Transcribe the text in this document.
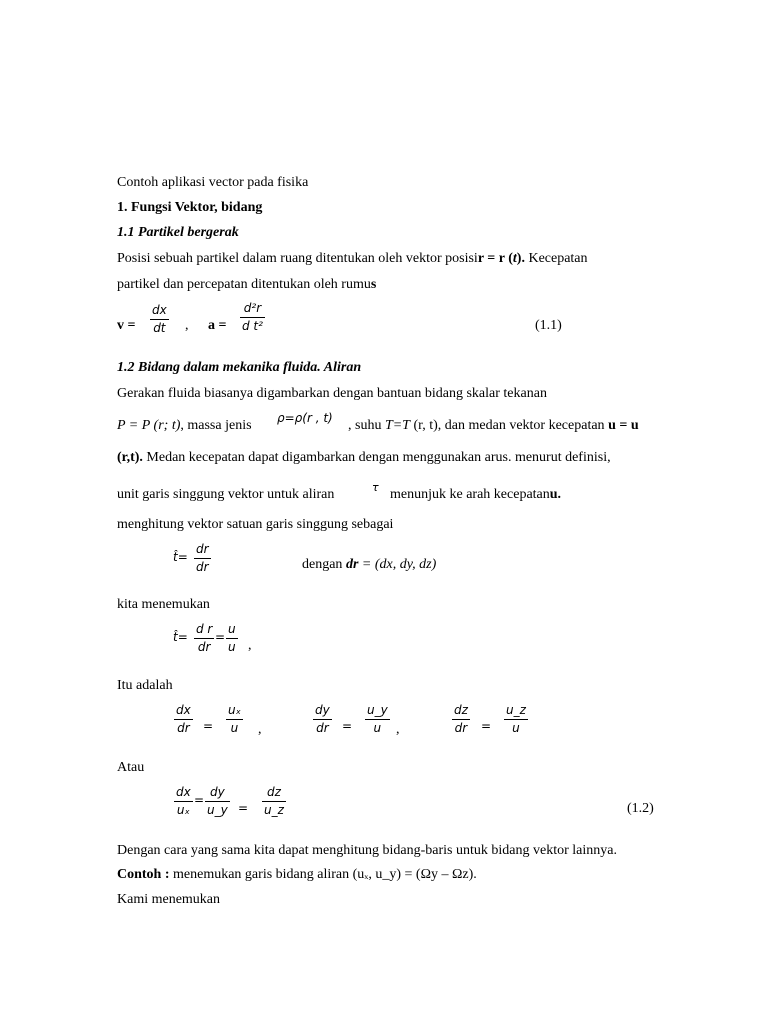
Contoh aplikasi vector pada fisika
1. Fungsi Vektor, bidang
1.1 Partikel bergerak
Posisi sebuah partikel dalam ruang ditentukan oleh vektor posisir = r (t). Kecepatan
partikel dan percepatan ditentukan oleh rumus
v =
dx
dt , a =
d²r
d t²	(1.1)
1.2 Bidang dalam mekanika fluida. Aliran
Gerakan fluida biasanya digambarkan dengan bantuan bidang skalar tekanan
P = P (r; t), massa jenis ρ=ρ(r , t) , suhu T=T (r, t), dan medan vektor kecepatan u = u
(r,t). Medan kecepatan dapat digambarkan dengan menggunakan arus. menurut definisi,
unit garis singgung vektor untuk aliran	τ menunjuk ke arah kecepatanu.
menghitung vektor satuan garis singgung sebagai
t̂=
dr
dr	dengan dr = (dx, dy, dz)
kita menemukan
t̂=
d r
dr
=
u
u ,
Itu adalah
dx
dr =
uₓ
u ,
dy
dr =
u_y
u ,
dz
dr =
u_z
u
Atau
dx
uₓ
=
dy
u_y =
dz
u_z	(1.2)
Dengan cara yang sama kita dapat menghitung bidang-baris untuk bidang vektor lainnya.
Contoh : menemukan garis bidang aliran (uₓ, u_y) = (Ωy – Ωz).
Kami menemukan
